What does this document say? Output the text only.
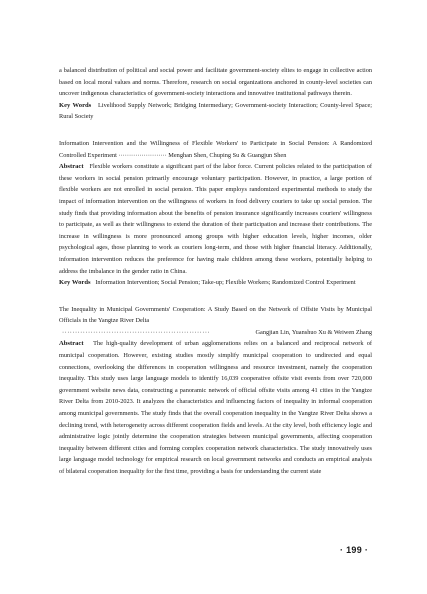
a balanced distribution of political and social power and facilitate government-society elites to engage in collective action based on local moral values and norms. Therefore, research on social organizations anchored in county-level societies can uncover indigenous characteristics of government-society interactions and innovative institutional pathways therein.

Key Words Livelihood Supply Network; Bridging Intermediary; Government-society Interaction; County-level Space; Rural Society

Information Intervention and the Willingness of Flexible Workers' to Participate in Social Pension: A Randomized Controlled Experiment ······················· Menghan Shen, Chuping Su & Guangjun Shen

Abstract Flexible workers constitute a significant part of the labor force. Current policies related to the participation of these workers in social pension primarily encourage voluntary participation. However, in practice, a large portion of flexible workers are not enrolled in social pension. This paper employs randomized experimental methods to study the impact of information intervention on the willingness of workers in food delivery couriers to take up social pension. The study finds that providing information about the benefits of pension insurance significantly increases couriers' willingness to participate, as well as their willingness to extend the duration of their participation and increase their contributions. The increase in willingness is more pronounced among groups with higher education levels, higher incomes, older psychological ages, those planning to work as couriers long-term, and those with higher financial literacy. Additionally, information intervention reduces the preference for having male children among these workers, potentially helping to address the imbalance in the gender ratio in China.

Key Words Information Intervention; Social Pension; Take-up; Flexible Workers; Randomized Control Experiment

The Inequality in Municipal Governments' Cooperation: A Study Based on the Network of Offsite Visits by Municipal Officials in the Yangtze River Delta

·························································	Gangjian Lin, Yuanshuo Xu & Weiwen Zhang

Abstract The high-quality development of urban agglomerations relies on a balanced and reciprocal network of municipal cooperation. However, existing studies mostly simplify municipal cooperation to undirected and equal connections, overlooking the differences in cooperation willingness and resource investment, namely the cooperation inequality. This study uses large language models to identify 16,039 cooperative offsite visit events from over 720,000 government website news data, constructing a panoramic network of official offsite visits among 41 cities in the Yangtze River Delta from 2010-2023. It analyzes the characteristics and influencing factors of inequality in informal cooperation among municipal governments. The study finds that the overall cooperation inequality in the Yangtze River Delta shows a declining trend, with heterogeneity across different cooperation fields and levels. At the city level, both efficiency logic and administrative logic jointly determine the cooperation strategies between municipal governments, affecting cooperation inequality between different cities and forming complex cooperation network characteristics. The study innovatively uses large language model technology for empirical research on local government networks and conducts an empirical analysis of bilateral cooperation inequality for the first time, providing a basis for understanding the current state

· 199 ·
